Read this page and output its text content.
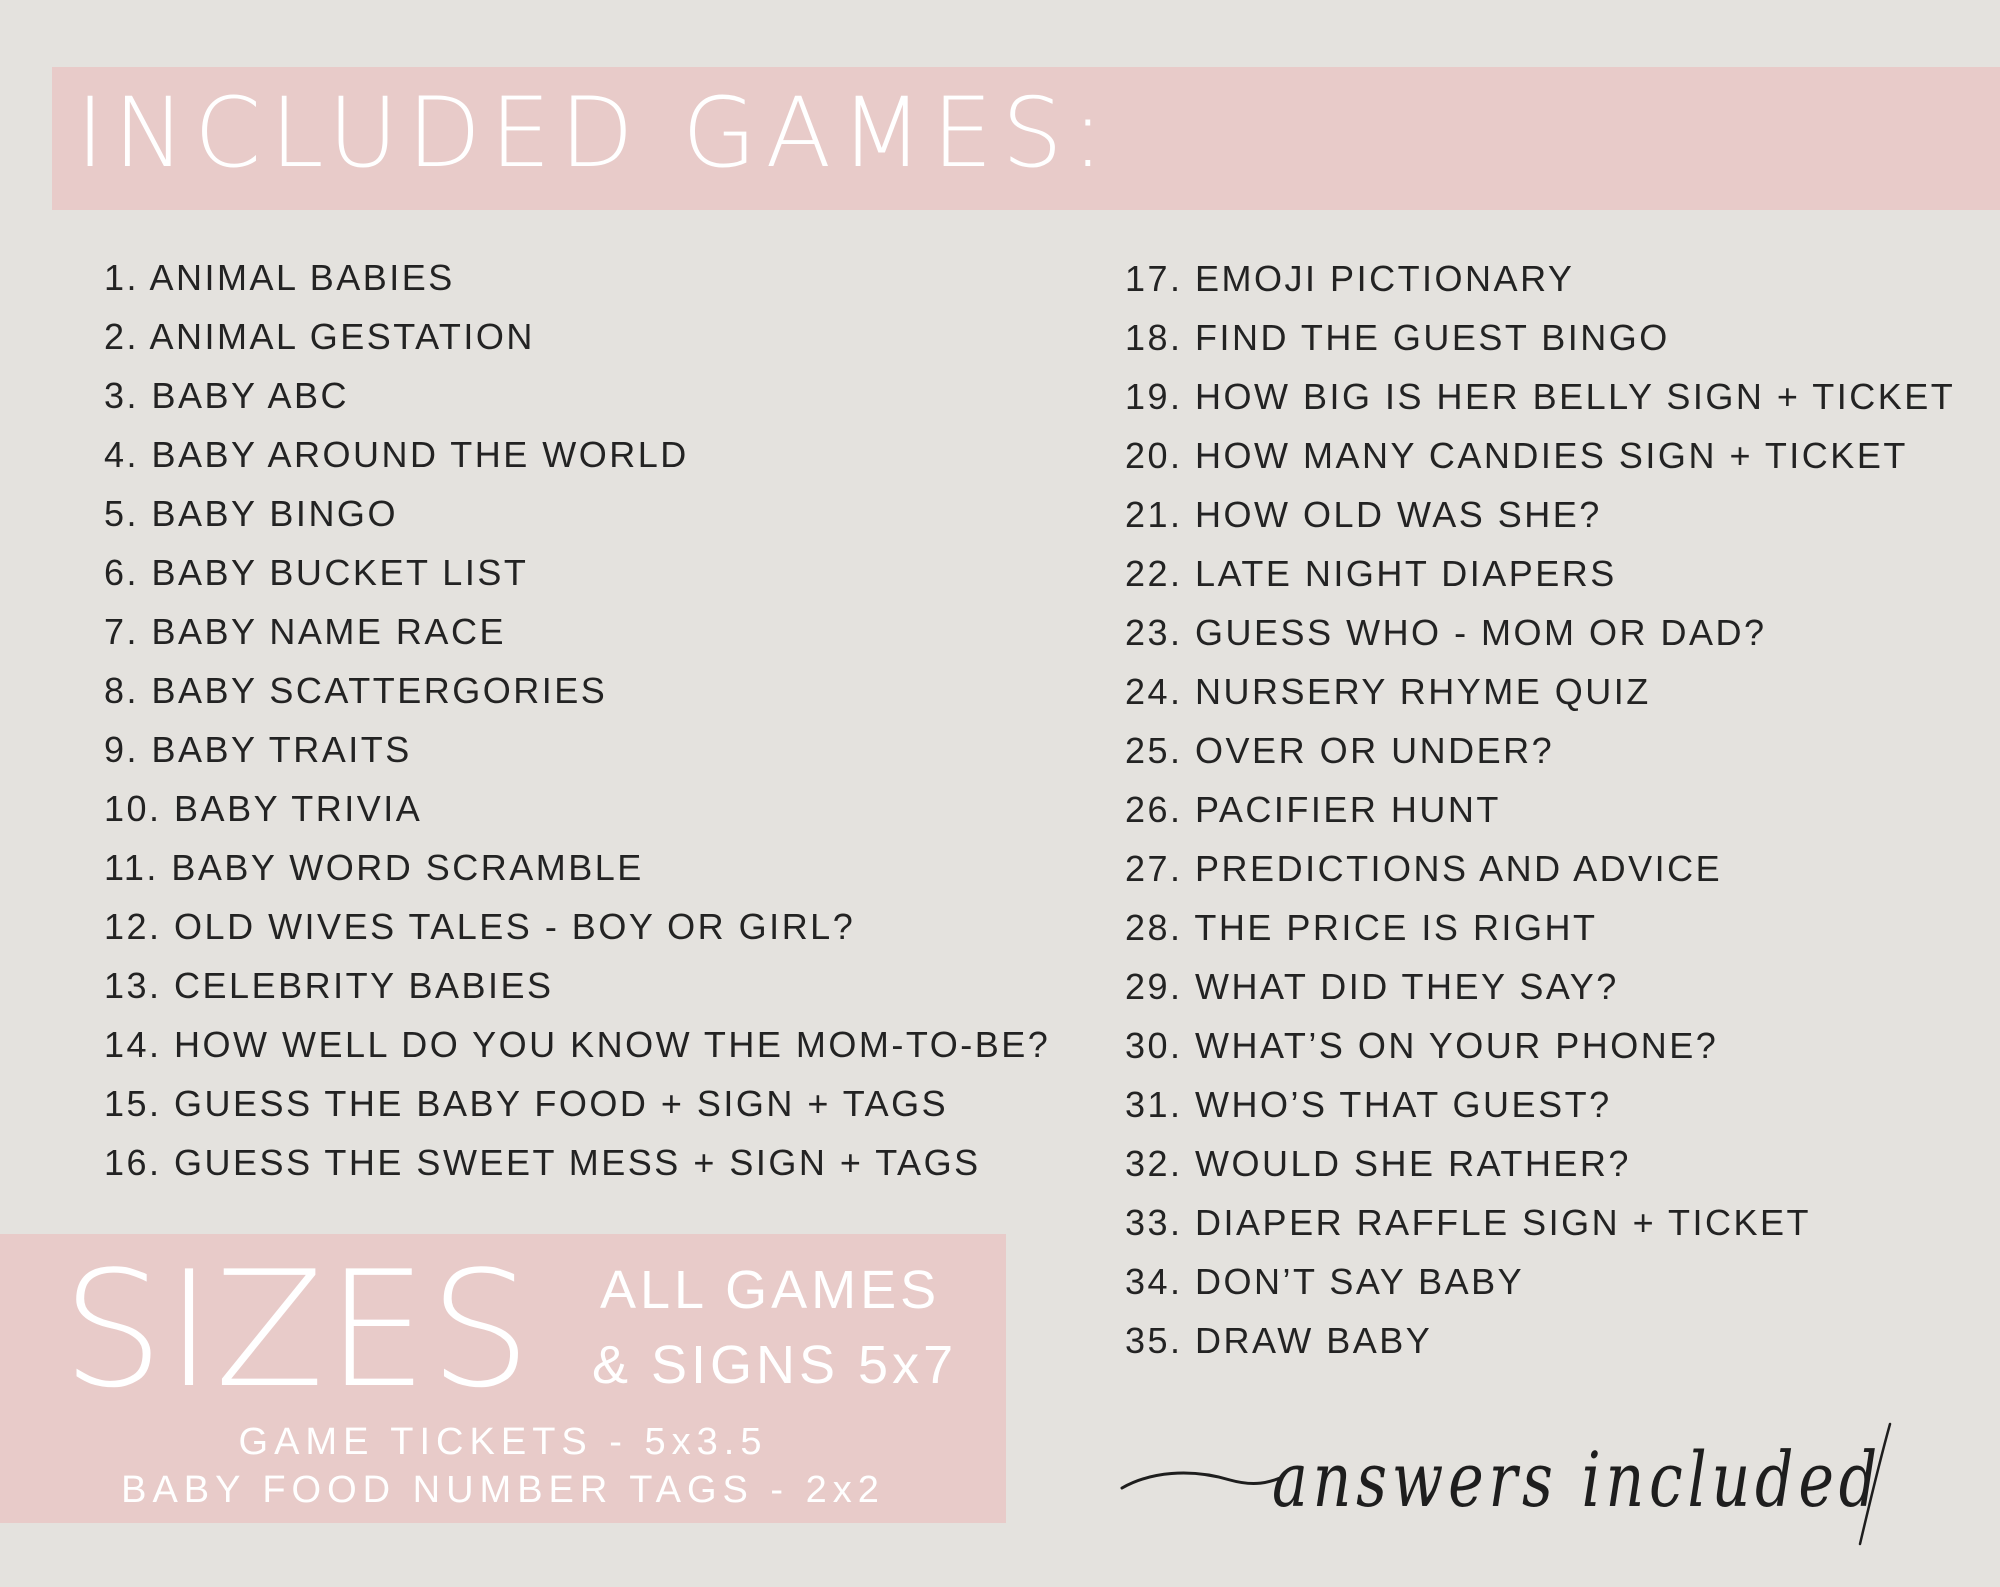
INCLUDED GAMES:
1. ANIMAL BABIES
2. ANIMAL GESTATION
3. BABY ABC
4. BABY AROUND THE WORLD
5. BABY BINGO
6. BABY BUCKET LIST
7. BABY NAME RACE
8. BABY SCATTERGORIES
9. BABY TRAITS
10. BABY TRIVIA
11. BABY WORD SCRAMBLE
12. OLD WIVES TALES - BOY OR GIRL?
13. CELEBRITY BABIES
14. HOW WELL DO YOU KNOW THE MOM-TO-BE?
15. GUESS THE BABY FOOD + SIGN + TAGS
16. GUESS THE SWEET MESS + SIGN + TAGS
17. EMOJI PICTIONARY
18. FIND THE GUEST BINGO
19. HOW BIG IS HER BELLY SIGN + TICKET
20. HOW MANY CANDIES SIGN + TICKET
21. HOW OLD WAS SHE?
22. LATE NIGHT DIAPERS
23. GUESS WHO - MOM OR DAD?
24. NURSERY RHYME QUIZ
25. OVER OR UNDER?
26. PACIFIER HUNT
27. PREDICTIONS AND ADVICE
28. THE PRICE IS RIGHT
29. WHAT DID THEY SAY?
30. WHAT’S ON YOUR PHONE?
31. WHO’S THAT GUEST?
32. WOULD SHE RATHER?
33. DIAPER RAFFLE SIGN + TICKET
34. DON’T SAY BABY
35. DRAW BABY
SIZES ALL GAMES
& SIGNS 5x7
GAME TICKETS - 5x3.5
BABY FOOD NUMBER TAGS - 2x2	answers included
